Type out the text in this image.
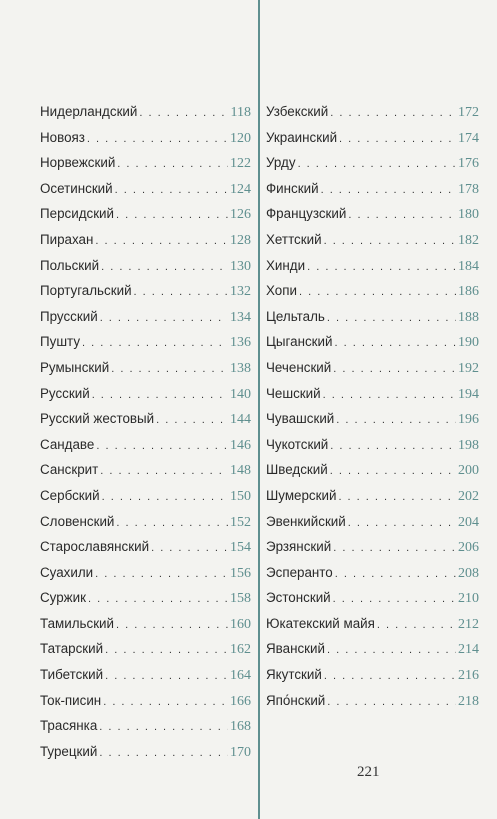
Нидерландский . . .	118
Новояз . . .	120
Норвежский . . .	122
Осетинский . . .	124
Персидский . . .	126
Пирахан . . .	128
Польский . . .	130
Португальский . . .	132
Прусский . . .	134
Пушту . . .	136
Румынский . . .	138
Русский . . .	140
Русский жестовый . . .	144
Сандаве . . .	146
Санскрит . . .	148
Сербский . . .	150
Словенский . . .	152
Старославянский . . .	154
Суахили . . .	156
Суржик . . .	158
Тамильский . . .	160
Татарский . . .	162
Тибетский . . .	164
Ток-писин . . .	166
Трасянка . . .	168
Турецкий . . .	170
Узбекский . . .	172
Украинский . . .	174
Урду . . .	176
Финский . . .	178
Французский . . .	180
Хеттский . . .	182
Хинди . . .	184
Хопи . . .	186
Цельталь . . .	188
Цыганский . . .	190
Чеченский . . .	192
Чешский . . .	194
Чувашский . . .	196
Чукотский . . .	198
Шведский . . .	200
Шумерский . . .	202
Эвенкийский . . .	204
Эрзянский . . .	206
Эсперанто . . .	208
Эстонский . . .	210
Юкатекский майя . . .	212
Яванский . . .	214
Якутский . . .	216
Япо́нский . . .	218
221
